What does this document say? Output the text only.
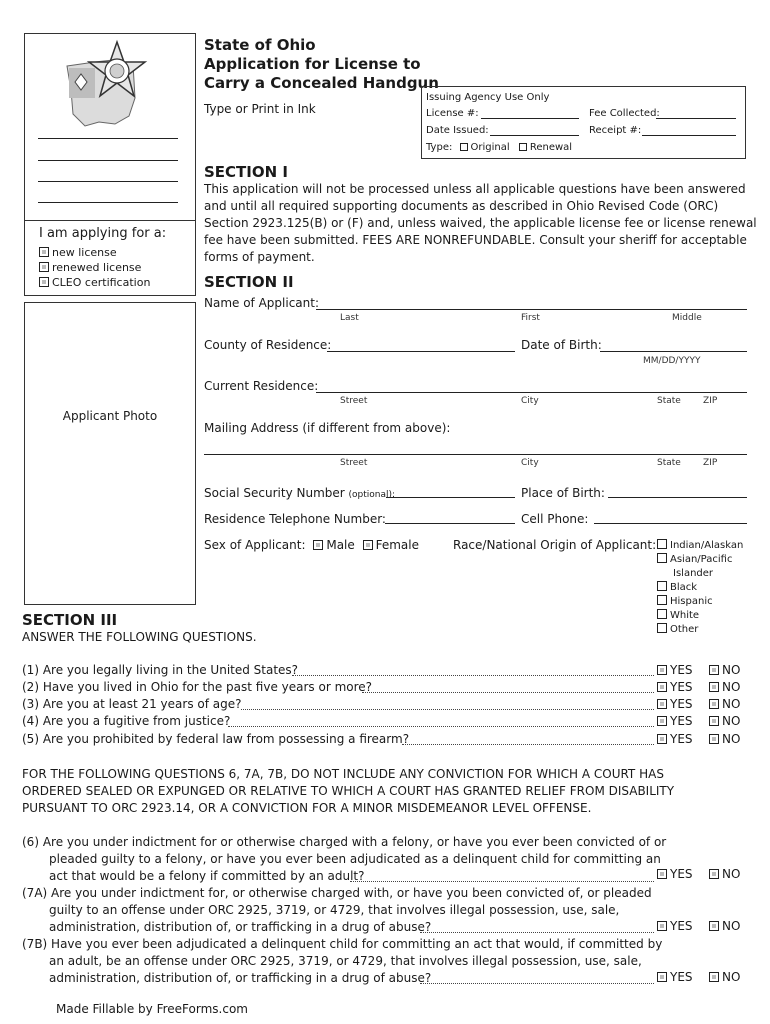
I am applying for a:
new license
renewed license
CLEO certification
Applicant Photo
State of Ohio
Application for License to
Carry a Concealed Handgun
Type or Print in Ink
Issuing Agency Use Only
License #:	Fee Collected:
Date Issued:	Receipt #:
Type: Original Renewal
SECTION I
This application will not be processed unless all applicable questions have been answered
and until all required supporting documents as described in Ohio Revised Code (ORC)
Section 2923.125(B) or (F) and, unless waived, the applicable license fee or license renewal
fee have been submitted. FEES ARE NONREFUNDABLE. Consult your sheriff for acceptable
forms of payment.
SECTION II
Name of Applicant:
Last	First	Middle
County of Residence:	Date of Birth:
MM/DD/YYYY
Current Residence:
Street	City	State ZIP
Mailing Address (if different from above):
Street	City	State ZIP
Social Security Number (optional):	Place of Birth:
Residence Telephone Number:	Cell Phone:
Sex of Applicant: Male Female	Race/National Origin of Applicant:	Indian/Alaskan
Asian/Pacific
Islander
Black
Hispanic
White
Other
SECTION III
ANSWER THE FOLLOWING QUESTIONS.
(1) Are you legally living in the United States?	YES	NO
(2) Have you lived in Ohio for the past five years or more?	YES	NO
(3) Are you at least 21 years of age?	YES	NO
(4) Are you a fugitive from justice?	YES	NO
(5) Are you prohibited by federal law from possessing a firearm?	YES	NO
FOR THE FOLLOWING QUESTIONS 6, 7A, 7B, DO NOT INCLUDE ANY CONVICTION FOR WHICH A COURT HAS
ORDERED SEALED OR EXPUNGED OR RELATIVE TO WHICH A COURT HAS GRANTED RELIEF FROM DISABILITY
PURSUANT TO ORC 2923.14, OR A CONVICTION FOR A MINOR MISDEMEANOR LEVEL OFFENSE.
(6) Are you under indictment for or otherwise charged with a felony, or have you ever been convicted of or
pleaded guilty to a felony, or have you ever been adjudicated as a delinquent child for committing an
act that would be a felony if committed by an adult?	YES	NO
(7A) Are you under indictment for, or otherwise charged with, or have you been convicted of, or pleaded
guilty to an offense under ORC 2925, 3719, or 4729, that involves illegal possession, use, sale,
administration, distribution of, or trafficking in a drug of abuse?	YES	NO
(7B) Have you ever been adjudicated a delinquent child for committing an act that would, if committed by
an adult, be an offense under ORC 2925, 3719, or 4729, that involves illegal possession, use, sale,
administration, distribution of, or trafficking in a drug of abuse?	YES	NO
Made Fillable by FreeForms.com
